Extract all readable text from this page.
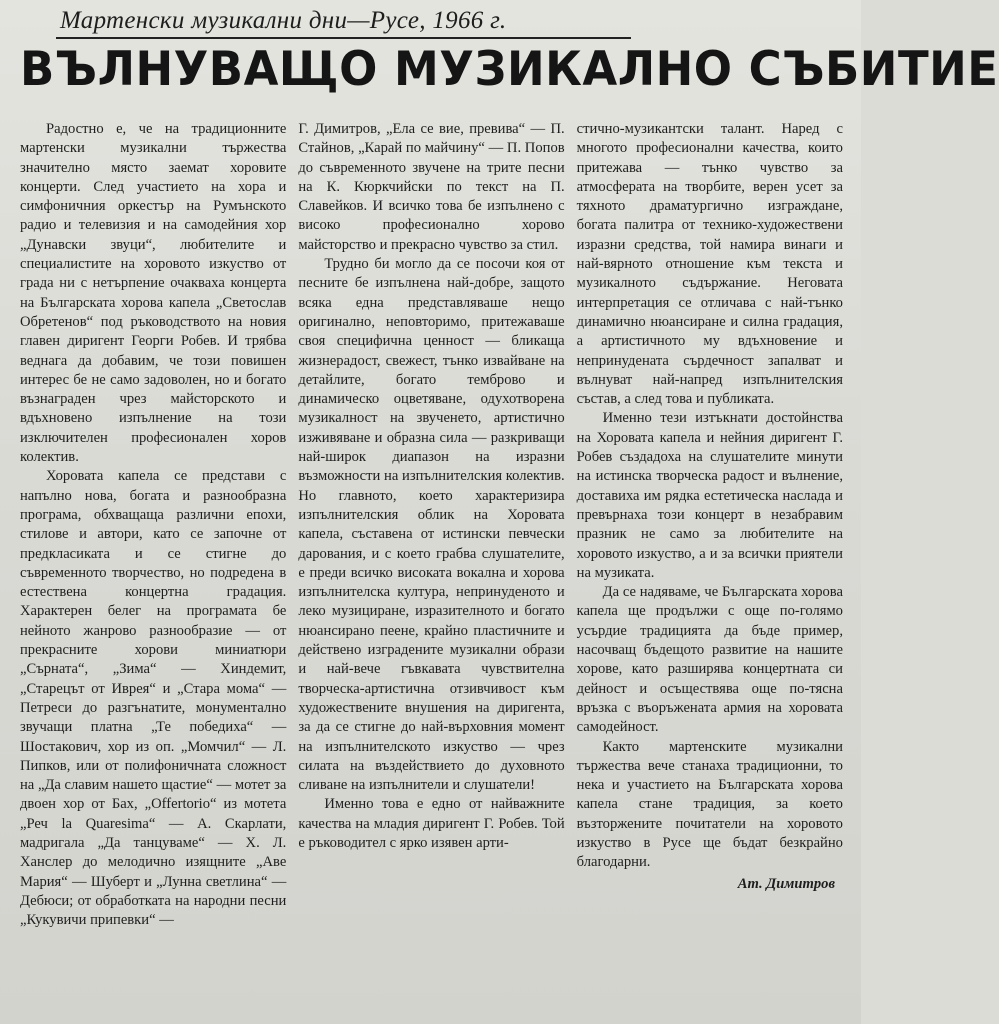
Мартенски музикални дни—Русе, 1966 г.
ВЪЛНУВАЩО МУЗИКАЛНО СЪБИТИЕ

Радостно е, че на традиционните мартенски музикални тържества значително място заемат хоровите концерти. След участието на хора и симфоничния оркестър на Румънското радио и телевизия и на самодейния хор „Дунавски звуци“, любителите и специалистите на хоровото изкуство от града ни с нетърпение очакваха концерта на Българската хорова капела „Светослав Обретенов“ под ръководството на новия главен диригент Георги Робев. И трябва веднага да добавим, че този повишен интерес бе не само задоволен, но и богато възнаграден чрез майсторското и вдъхновено изпълнение на този изключителен професионален хоров колектив.

Хоровата капела се представи с напълно нова, богата и разнообразна програма, обхващаща различни епохи, стилове и автори, като се започне от предкласиката и се стигне до съвременното творчество, но подредена в естествена концертна градация. Характерен белег на програмата бе нейното жанрово разнообразие — от прекрасните хорови миниатюри „Сърната“, „Зима“ — Хиндемит, „Старецът от Иврея“ и „Стара мома“ — Петреси до разгънатите, монументално звучащи платна „Те победиха“ — Шостакович, хор из оп. „Момчил“ — Л. Пипков, или от полифоничната сложност на „Да славим нашето щастие“ — мотет за двоен хор от Бах, „Offertorio“ из мотета „Реч la Quaresima“ — А. Скарлати, мадригала „Да танцуваме“ — Х. Л. Ханслер до мелодично изящните „Аве Мария“ — Шуберт и „Лунна светлина“ — Дебюси; от обработката на народни песни „Кукувичи припевки“ —

Г. Димитров, „Ела се вие, превива“ — П. Стайнов, „Карай по майчину“ — П. Попов до съвременното звучене на трите песни на К. Кюркчийски по текст на П. Славейков. И всичко това бе изпълнено с високо професионално хорово майсторство и прекрасно чувство за стил.

Трудно би могло да се посочи коя от песните бе изпълнена най-добре, защото всяка една представляваше нещо оригинално, неповторимо, притежаваше своя специфична ценност — бликаща жизнерадост, свежест, тънко извайване на детайлите, богато темброво и динамическо оцветяване, одухотворена музикалност на звученето, артистично изживяване и образна сила — разкриващи най-широк диапазон на изразни възможности на изпълнителския колектив. Но главното, което характеризира изпълнителския облик на Хоровата капела, съставена от истински певчески дарования, и с което грабва слушателите, е преди всичко високата вокална и хорова изпълнителска култура, непринуденото и леко музициране, изразителното и богато нюансирано пеене, крайно пластичните и действено изградените музикални образи и най-вече гъвкавата чувствителна творческа-артистична отзивчивост към художествените внушения на диригента, за да се стигне до най-върховния момент на изпълнителското изкуство — чрез силата на въздействието до духовното сливане на изпълнители и слушатели!

Именно това е едно от найважните качества на младия диригент Г. Робев. Той е ръководител с ярко изявен арти-

стично-музикантски талант. Наред с многото професионални качества, които притежава — тънко чувство за атмосферата на творбите, верен усет за тяхното драматургично изграждане, богата палитра от технико-художествени изразни средства, той намира винаги и най-вярното отношение към текста и музикалното съдържание. Неговата интерпретация се отличава с най-тънко динамично нюансиране и силна градация, а артистичното му вдъхновение и непринудената сърдечност запалват и вълнуват най-напред изпълнителския състав, а след това и публиката.

Именно тези изтъкнати достойнства на Хоровата капела и нейния диригент Г. Робев създадоха на слушателите минути на истинска творческа радост и вълнение, доставиха им рядка естетическа наслада и превърнаха този концерт в незабравим празник не само за любителите на хоровото изкуство, а и за всички приятели на музиката.

Да се надяваме, че Българската хорова капела ще продължи с още по-голямо усърдие традицията да бъде пример, насочващ бъдещото развитие на нашите хорове, като разширява концертната си дейност и осъществява още по-тясна връзка с въоръжената армия на хоровата самодейност.

Както мартенските музикални тържества вече станаха традиционни, то нека и участието на Българската хорова капела стане традиция, за което възторжените почитатели на хоровото изкуство в Русе ще бъдат безкрайно благодарни.

Ат. Димитров
